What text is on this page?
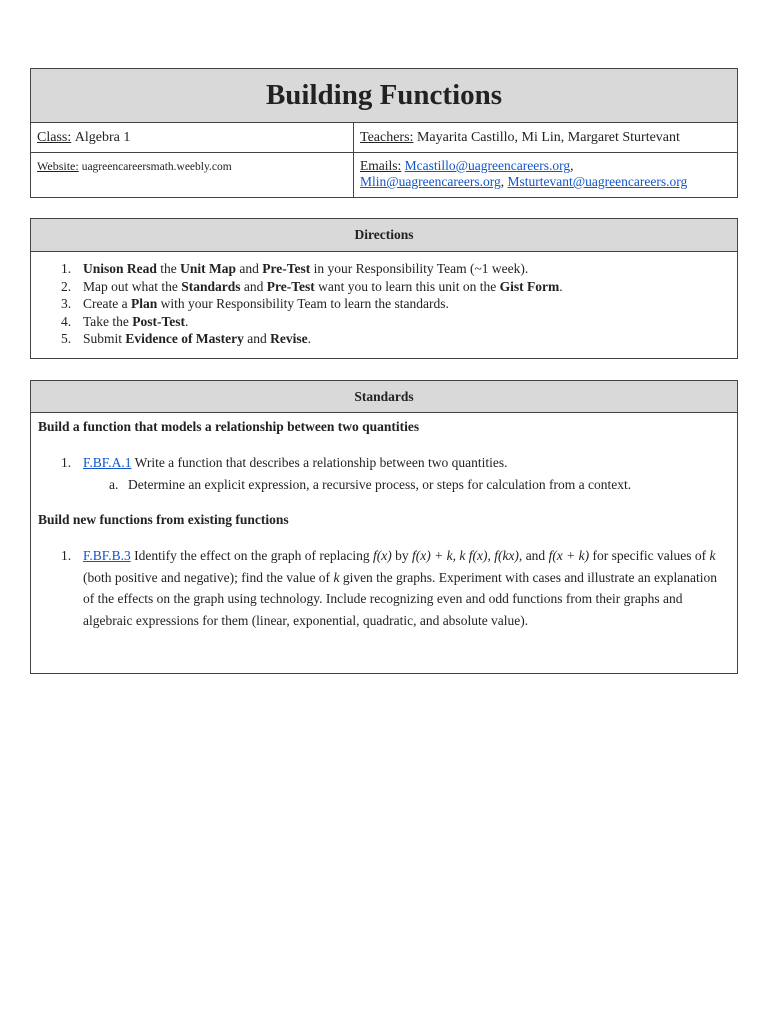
Building Functions
Class:
Algebra 1	Teachers:
Mayarita Castillo, Mi Lin, Margaret Sturtevant
Website: uagreencareersmath.weebly.com	Emails: Mcastillo@uagreencareers.org,
Mlin@uagreencareers.org, Msturtevant@uagreencareers.org
Directions
1. Unison Read the Unit Map and Pre-Test in your Responsibility Team (~1 week).
2. Map out what the Standards and Pre-Test want you to learn this unit on the Gist Form.
3. Create a Plan with your Responsibility Team to learn the standards.
4. Take the Post-Test.
5. Submit Evidence of Mastery and Revise.
Standards

Build a function that models a relationship between two quantities

1. F.BF.A.1 Write a function that describes a relationship between two quantities.
a. Determine an explicit expression, a recursive process, or steps for calculation from a context.

Build new functions from existing functions

1. F.BF.B.3 Identify the effect on the graph of replacing f(x) by f(x) + k, k f(x), f(kx), and f(x + k) for specific values of k (both positive and negative); find the value of k given the graphs. Experiment with cases and illustrate an explanation of the effects on the graph using technology. Include recognizing even and odd functions from their graphs and algebraic expressions for them (linear, exponential, quadratic, and absolute value).
